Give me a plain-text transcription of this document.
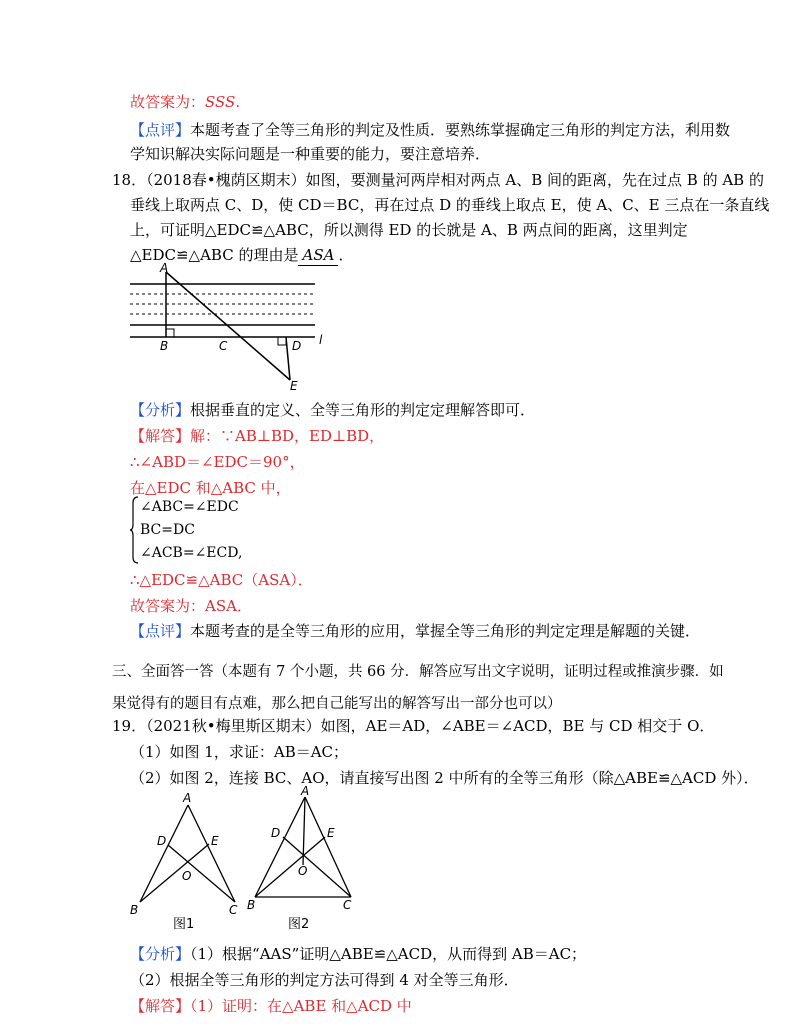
故答案为：SSS.
【点评】本题考查了全等三角形的判定及性质．要熟练掌握确定三角形的判定方法，利用数
学知识解决实际问题是一种重要的能力，要注意培养．
18．（2018春•槐荫区期末）如图，要测量河两岸相对两点 A、B 间的距离，先在过点 B 的 AB 的
垂线上取两点 C、D，使 CD＝BC，再在过点 D 的垂线上取点 E，使 A、C、E 三点在一条直线
上，可证明△EDC≌△ABC，所以测得 ED 的长就是 A、B 两点间的距离，这里判定
△EDC≌△ABC 的理由是 ASA ．
A
B	C	D
E
l
【分析】根据垂直的定义、全等三角形的判定定理解答即可．
【解答】解：∵AB⊥BD，ED⊥BD，
∴∠ABD＝∠EDC＝90°，
在△EDC 和△ABC 中，
∠ABC=∠EDC
BC=DC
∠ACB=∠ECD,
∴△EDC≌△ABC（ASA）．
故答案为：ASA．
【点评】本题考查的是全等三角形的应用，掌握全等三角形的判定定理是解题的关键．
三、全面答一答（本题有 7 个小题，共 66 分．解答应写出文字说明，证明过程或推演步骤．如
果觉得有的题目有点难，那么把自己能写出的解答写出一部分也可以）
19．（2021秋•梅里斯区期末）如图，AE＝AD，∠ABE＝∠ACD，BE 与 CD 相交于 O．
（1）如图 1，求证：AB＝AC；
（2）如图 2，连接 BC、AO，请直接写出图 2 中所有的全等三角形（除△ABE≌△ACD 外）．
A
D	E
O
B	C
图1
A
D	E
O
B	C
图2
【分析】（1）根据“AAS”证明△ABE≌△ACD，从而得到 AB＝AC；
（2）根据全等三角形的判定方法可得到 4 对全等三角形．
【解答】（1）证明：在△ABE 和△ACD 中
